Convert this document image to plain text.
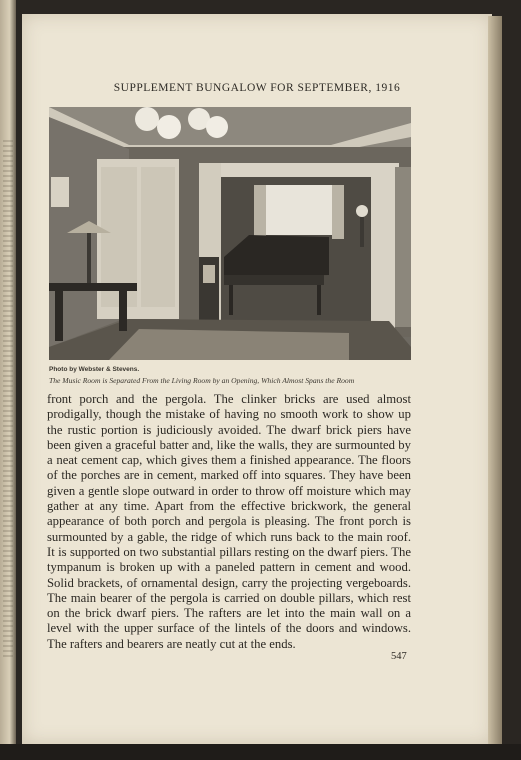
SUPPLEMENT BUNGALOW FOR SEPTEMBER, 1916
Photo by Webster & Stevens.
The Music Room is Separated From the Living Room by an Opening, Which Almost Spans the Room

front porch and the pergola. The clinker bricks are used almost prodigally, though the mistake of having no smooth work to show up the rustic portion is judiciously avoided. The dwarf brick piers have been given a graceful batter and, like the walls, they are surmounted by a neat cement cap, which gives them a finished appearance. The floors of the porches are in cement, marked off into squares. They have been given a gentle slope outward in order to throw off moisture which may gather at any time. Apart from the effective brickwork, the general appearance of both porch and pergola is pleasing. The front porch is surmounted by a gable, the ridge of which runs back to the main roof. It is supported on two substantial pillars resting on the dwarf piers. The tympanum is broken up with a paneled pattern in cement and wood. Solid brackets, of ornamental design, carry the projecting vergeboards. The main bearer of the pergola is carried on double pillars, which rest on the brick dwarf piers. The rafters are let into the main wall on a level with the upper surface of the lintels of the doors and windows. The rafters and bearers are neatly cut at the ends.

547
